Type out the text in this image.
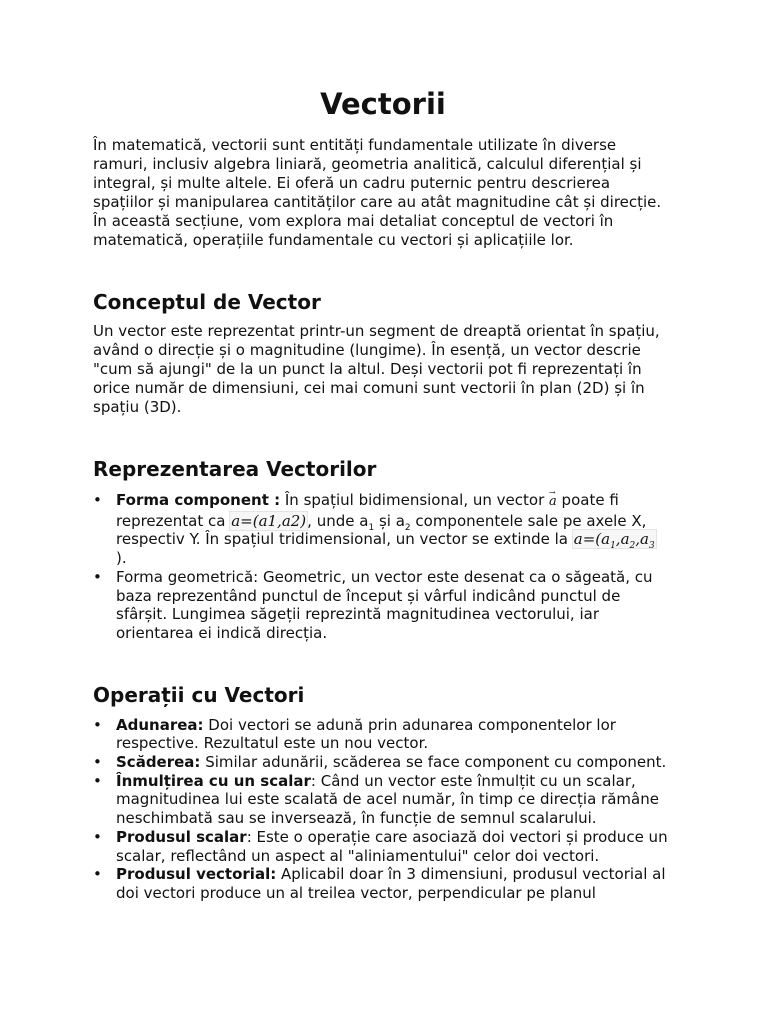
Vectorii

În matematică, vectorii sunt entități fundamentale utilizate în diverse ramuri, inclusiv algebra liniară, geometria analitică, calculul diferențial și integral, și multe altele. Ei oferă un cadru puternic pentru descrierea spațiilor și manipularea cantităților care au atât magnitudine cât și direcție. În această secțiune, vom explora mai detaliat conceptul de vectori în matematică, operațiile fundamentale cu vectori și aplicațiile lor.

Conceptul de Vector

Un vector este reprezentat printr-un segment de dreaptă orientat în spațiu, având o direcție și o magnitudine (lungime). În esență, un vector descrie "cum să ajungi" de la un punct la altul. Deși vectorii pot fi reprezentați în orice număr de dimensiuni, cei mai comuni sunt vectorii în plan (2D) și în spațiu (3D).

Reprezentarea Vectorilor
• Forma component : În spațiul bidimensional, un vector a → poate fi reprezentat ca a=(a1,a2), unde $a_1$ și $a_2$ componentele sale pe axele X, respectiv Y. În spațiul tridimensional, un vector se extinde la $a=(a_1,a_2,a_3$
).
• Forma geometrică: Geometric, un vector este desenat ca o săgeată, cu baza reprezentând punctul de început și vârful indicând punctul de sfârșit. Lungimea săgeții reprezintă magnitudinea vectorului, iar orientarea ei indică direcția.
Operații cu Vectori
• Adunarea: Doi vectori se adună prin adunarea componentelor lor respective. Rezultatul este un nou vector.
• Scăderea: Similar adunării, scăderea se face component cu component.
• Înmulțirea cu un scalar: Când un vector este înmulțit cu un scalar, magnitudinea lui este scalată de acel număr, în timp ce direcția rămâne neschimbată sau se inversează, în funcție de semnul scalarului.
• Produsul scalar: Este o operație care asociază doi vectori și produce un scalar, reflectând un aspect al "aliniamentului" celor doi vectori.
• Produsul vectorial: Aplicabil doar în 3 dimensiuni, produsul vectorial al doi vectori produce un al treilea vector, perpendicular pe planul
